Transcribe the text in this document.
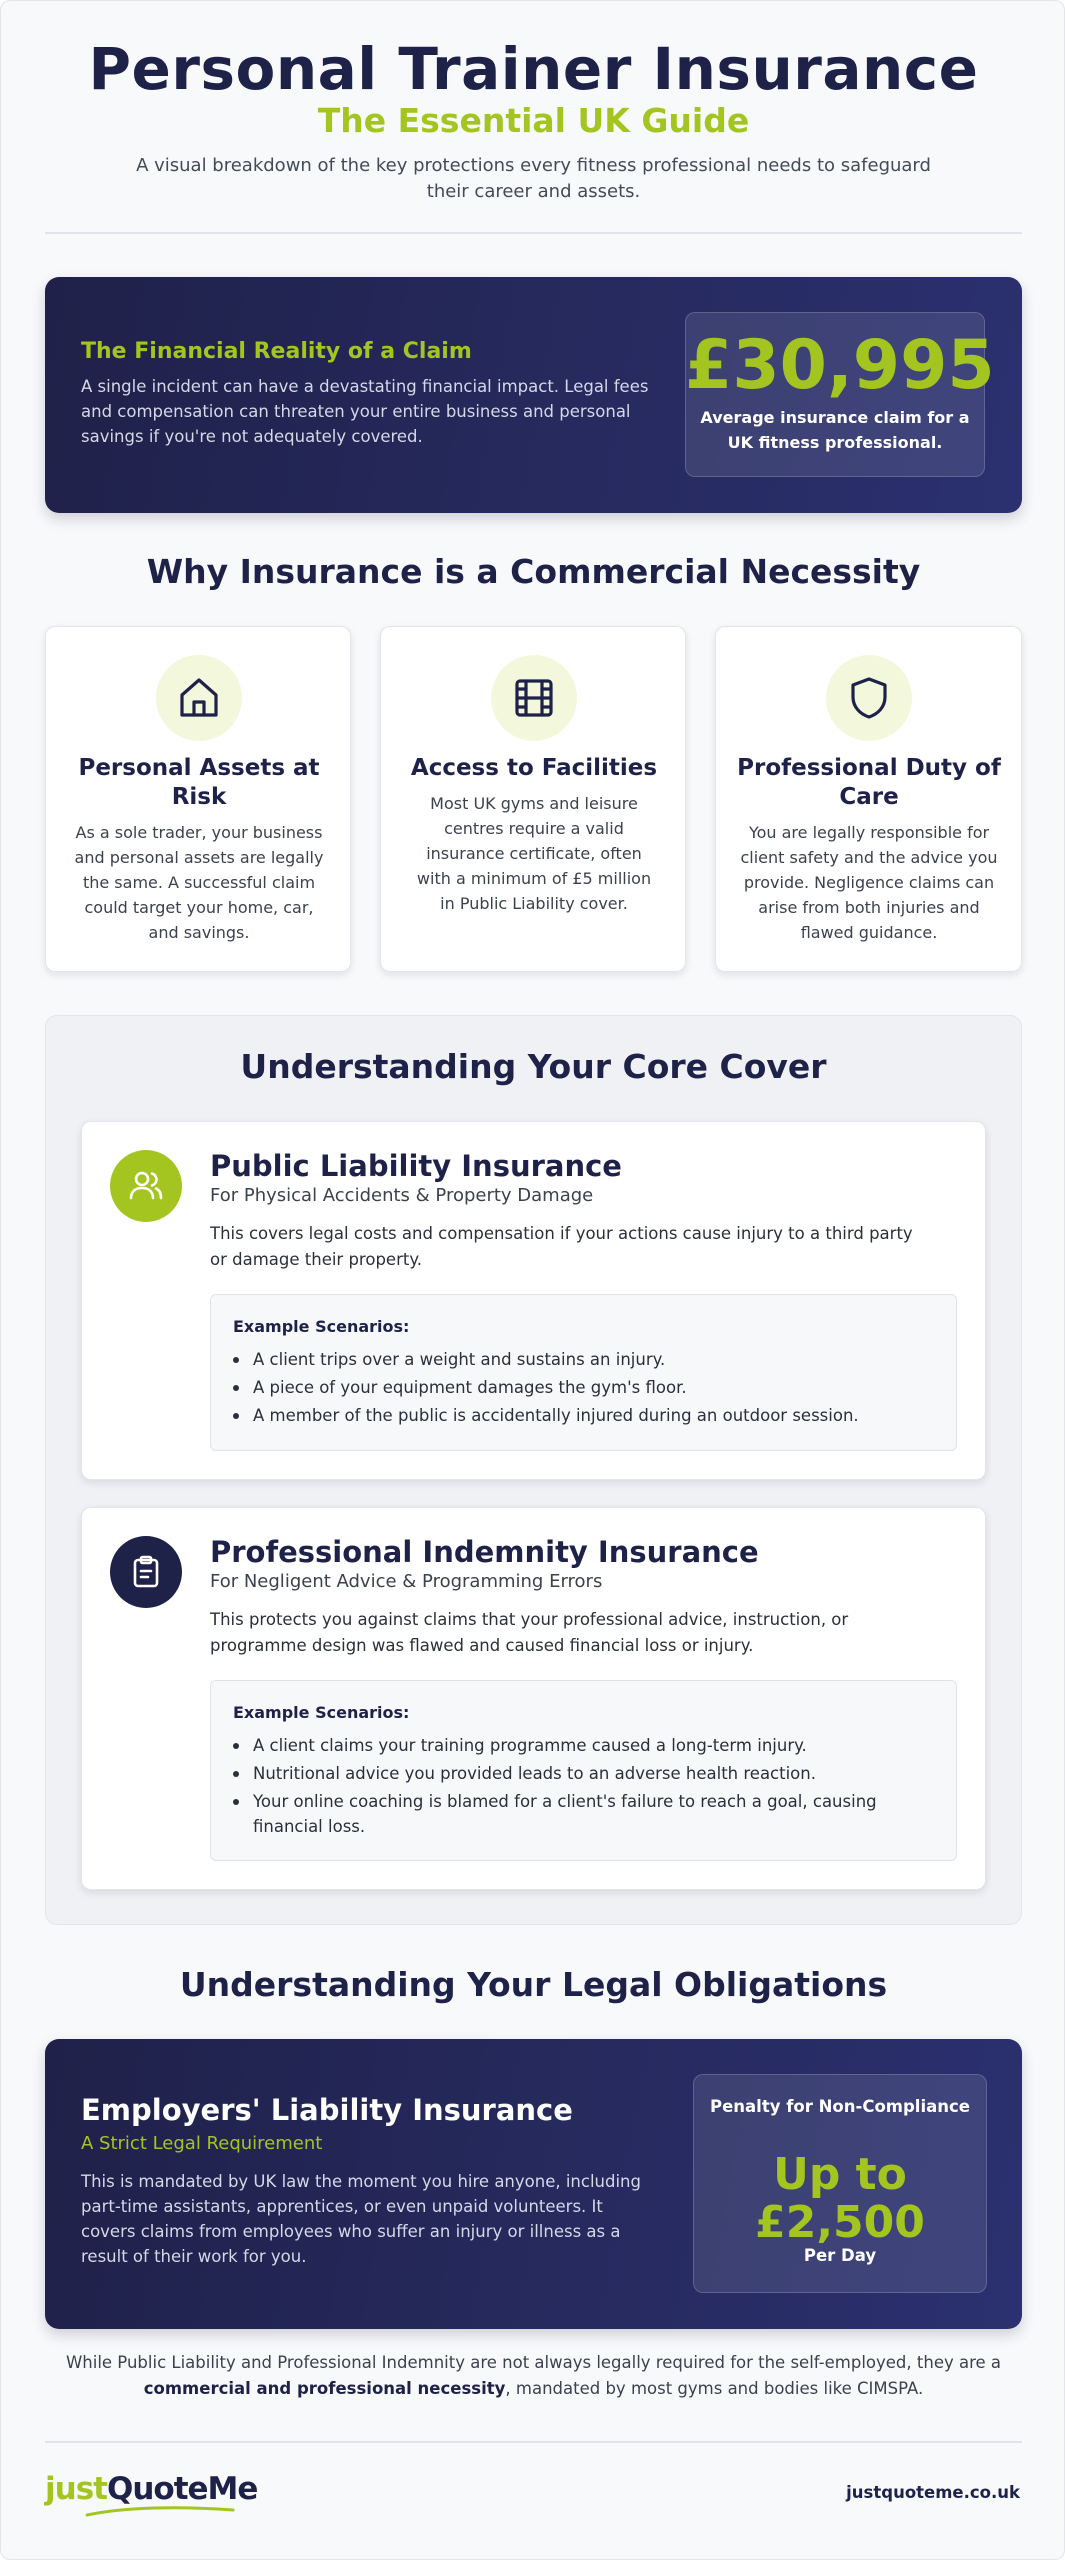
Personal Trainer Insurance
The Essential UK Guide
A visual breakdown of the key protections every fitness professional needs to safeguard their career and assets.
The Financial Reality of a Claim
A single incident can have a devastating financial impact. Legal fees and compensation can threaten your entire business and personal savings if you're not adequately covered.
£30,995
Average insurance claim for a UK fitness professional.
Why Insurance is a Commercial Necessity
Personal Assets at Risk
As a sole trader, your business and personal assets are legally the same. A successful claim could target your home, car, and savings.
Access to Facilities
Most UK gyms and leisure centres require a valid insurance certificate, often with a minimum of £5 million in Public Liability cover.
Professional Duty of Care
You are legally responsible for client safety and the advice you provide. Negligence claims can arise from both injuries and flawed guidance.
Understanding Your Core Cover
Public Liability Insurance
For Physical Accidents & Property Damage
This covers legal costs and compensation if your actions cause injury to a third party or damage their property.
Example Scenarios:
A client trips over a weight and sustains an injury.
A piece of your equipment damages the gym's floor.
A member of the public is accidentally injured during an outdoor session.
Professional Indemnity Insurance
For Negligent Advice & Programming Errors
This protects you against claims that your professional advice, instruction, or programme design was flawed and caused financial loss or injury.
Example Scenarios:
A client claims your training programme caused a long-term injury.
Nutritional advice you provided leads to an adverse health reaction.
Your online coaching is blamed for a client's failure to reach a goal, causing financial loss.
Understanding Your Legal Obligations
Employers' Liability Insurance
A Strict Legal Requirement
This is mandated by UK law the moment you hire anyone, including part-time assistants, apprentices, or even unpaid volunteers. It covers claims from employees who suffer an injury or illness as a result of their work for you.
Penalty for Non-Compliance
Up to £2,500
Per Day
While Public Liability and Professional Indemnity are not always legally required for the self-employed, they are a commercial and professional necessity, mandated by most gyms and bodies like CIMSPA.
justQuoteMe	justquoteme.co.uk
